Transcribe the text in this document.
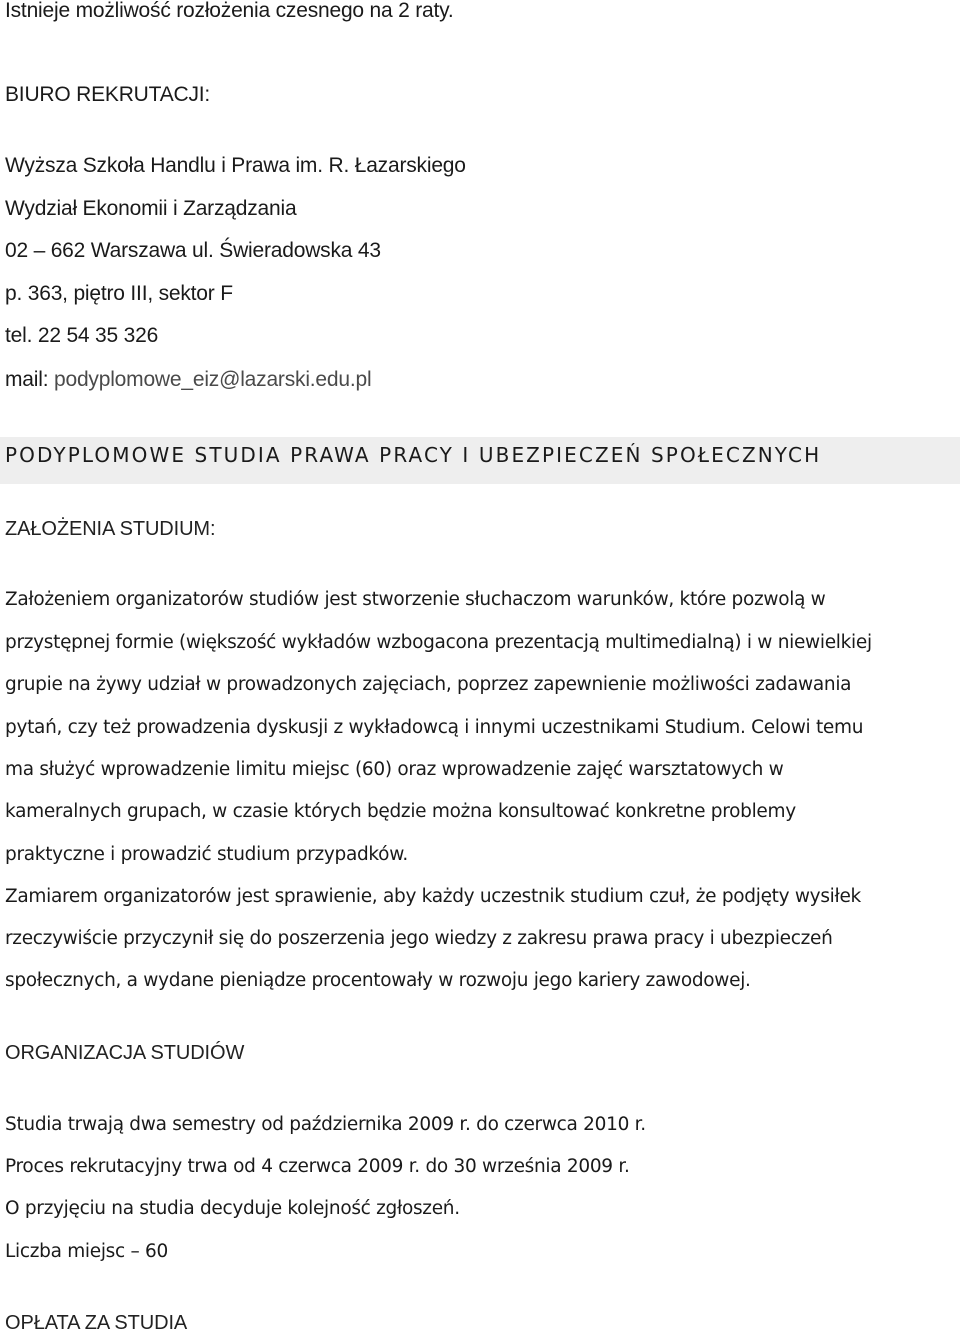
Istnieje możliwość rozłożenia czesnego na 2 raty.
BIURO REKRUTACJI:
Wyższa Szkoła Handlu i Prawa im. R. Łazarskiego
Wydział Ekonomii i Zarządzania
02 – 662 Warszawa ul. Świeradowska 43
p. 363, piętro III, sektor F
tel. 22 54 35 326
mail: podyplomowe_eiz@lazarski.edu.pl
PODYPLOMOWE STUDIA PRAWA PRACY I UBEZPIECZEŃ SPOŁECZNYCH
ZAŁOŻENIA STUDIUM:
Założeniem organizatorów studiów jest stworzenie słuchaczom warunków, które pozwolą w
przystępnej formie (większość wykładów wzbogacona prezentacją multimedialną) i w niewielkiej
grupie na żywy udział w prowadzonych zajęciach, poprzez zapewnienie możliwości zadawania
pytań, czy też prowadzenia dyskusji z wykładowcą i innymi uczestnikami Studium. Celowi temu
ma służyć wprowadzenie limitu miejsc (60) oraz wprowadzenie zajęć warsztatowych w
kameralnych grupach, w czasie których będzie można konsultować konkretne problemy
praktyczne i prowadzić studium przypadków.
Zamiarem organizatorów jest sprawienie, aby każdy uczestnik studium czuł, że podjęty wysiłek
rzeczywiście przyczynił się do poszerzenia jego wiedzy z zakresu prawa pracy i ubezpieczeń
społecznych, a wydane pieniądze procentowały w rozwoju jego kariery zawodowej.
ORGANIZACJA STUDIÓW
Studia trwają dwa semestry od października 2009 r. do czerwca 2010 r.
Proces rekrutacyjny trwa od 4 czerwca 2009 r. do 30 września 2009 r.
O przyjęciu na studia decyduje kolejność zgłoszeń.
Liczba miejsc – 60
OPŁATA ZA STUDIA
